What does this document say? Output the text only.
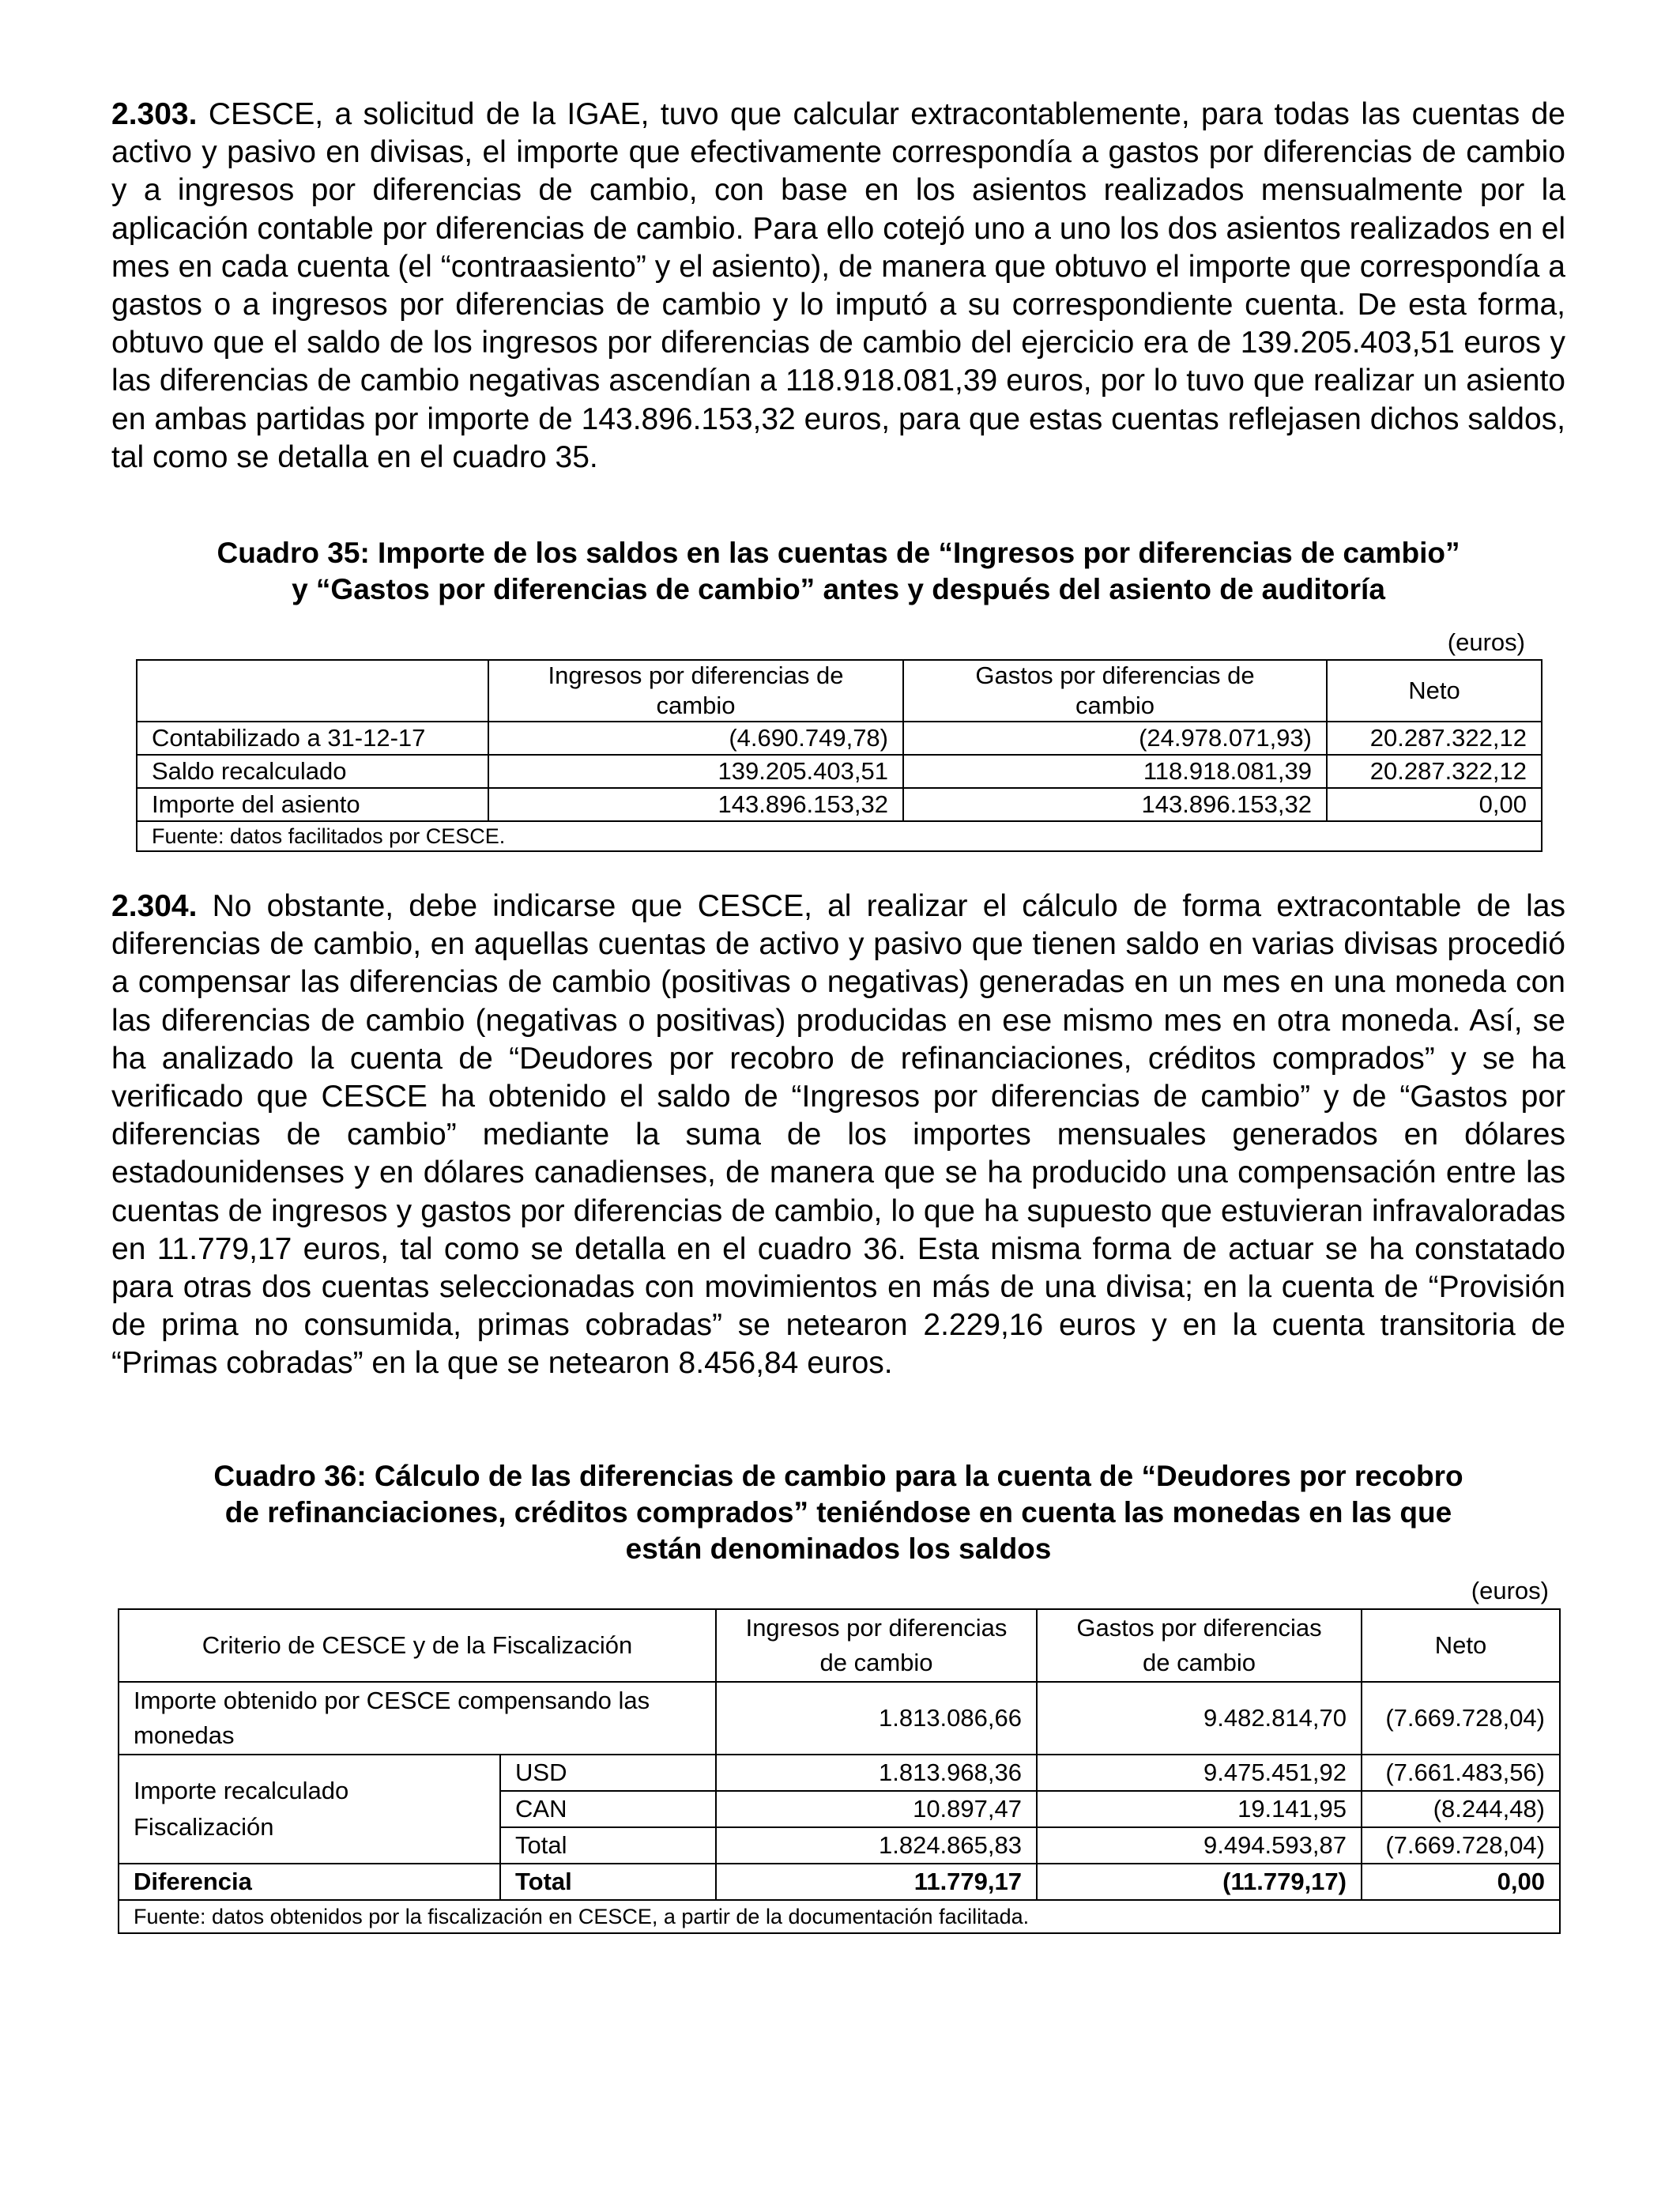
2.303. CESCE, a solicitud de la IGAE, tuvo que calcular extracontablemente, para todas las cuentas de activo y pasivo en divisas, el importe que efectivamente correspondía a gastos por diferencias de cambio y a ingresos por diferencias de cambio, con base en los asientos realizados mensualmente por la aplicación contable por diferencias de cambio. Para ello cotejó uno a uno los dos asientos realizados en el mes en cada cuenta (el “contraasiento” y el asiento), de manera que obtuvo el importe que correspondía a gastos o a ingresos por diferencias de cambio y lo imputó a su correspondiente cuenta. De esta forma, obtuvo que el saldo de los ingresos por diferencias de cambio del ejercicio era de 139.205.403,51 euros y las diferencias de cambio negativas ascendían a 118.918.081,39 euros, por lo tuvo que realizar un asiento en ambas partidas por importe de 143.896.153,32 euros, para que estas cuentas reflejasen dichos saldos, tal como se detalla en el cuadro 35.

Cuadro 35: Importe de los saldos en las cuentas de “Ingresos por diferencias de cambio”
y “Gastos por diferencias de cambio” antes y después del asiento de auditoría

(euros)
	Ingresos por diferencias de
cambio	Gastos por diferencias de
cambio	Neto
Contabilizado a 31-12-17	(4.690.749,78)	(24.978.071,93)	20.287.322,12
Saldo recalculado	139.205.403,51	118.918.081,39	20.287.322,12
Importe del asiento	143.896.153,32	143.896.153,32	0,00
Fuente: datos facilitados por CESCE.			

2.304. No obstante, debe indicarse que CESCE, al realizar el cálculo de forma extracontable de las diferencias de cambio, en aquellas cuentas de activo y pasivo que tienen saldo en varias divisas procedió a compensar las diferencias de cambio (positivas o negativas) generadas en un mes en una moneda con las diferencias de cambio (negativas o positivas) producidas en ese mismo mes en otra moneda. Así, se ha analizado la cuenta de “Deudores por recobro de refinanciaciones, créditos comprados” y se ha verificado que CESCE ha obtenido el saldo de “Ingresos por diferencias de cambio” y de “Gastos por diferencias de cambio” mediante la suma de los importes mensuales generados en dólares estadounidenses y en dólares canadienses, de manera que se ha producido una compensación entre las cuentas de ingresos y gastos por diferencias de cambio, lo que ha supuesto que estuvieran infravaloradas en 11.779,17 euros, tal como se detalla en el cuadro 36. Esta misma forma de actuar se ha constatado para otras dos cuentas seleccionadas con movimientos en más de una divisa; en la cuenta de “Provisión de prima no consumida, primas cobradas” se netearon 2.229,16 euros y en la cuenta transitoria de “Primas cobradas” en la que se netearon 8.456,84 euros.

Cuadro 36: Cálculo de las diferencias de cambio para la cuenta de “Deudores por recobro
de refinanciaciones, créditos comprados” teniéndose en cuenta las monedas en las que
están denominados los saldos

(euros)
Criterio de CESCE y de la Fiscalización		Ingresos por diferencias
de cambio	Gastos por diferencias
de cambio	Neto
Importe obtenido por CESCE compensando las
monedas		1.813.086,66	9.482.814,70	(7.669.728,04)
Importe recalculado
Fiscalización	USD	1.813.968,36	9.475.451,92	(7.661.483,56)
	CAN	10.897,47	19.141,95	(8.244,48)
	Total	1.824.865,83	9.494.593,87	(7.669.728,04)
Diferencia	Total	11.779,17	(11.779,17)	0,00
Fuente: datos obtenidos por la fiscalización en CESCE, a partir de la documentación facilitada.				
